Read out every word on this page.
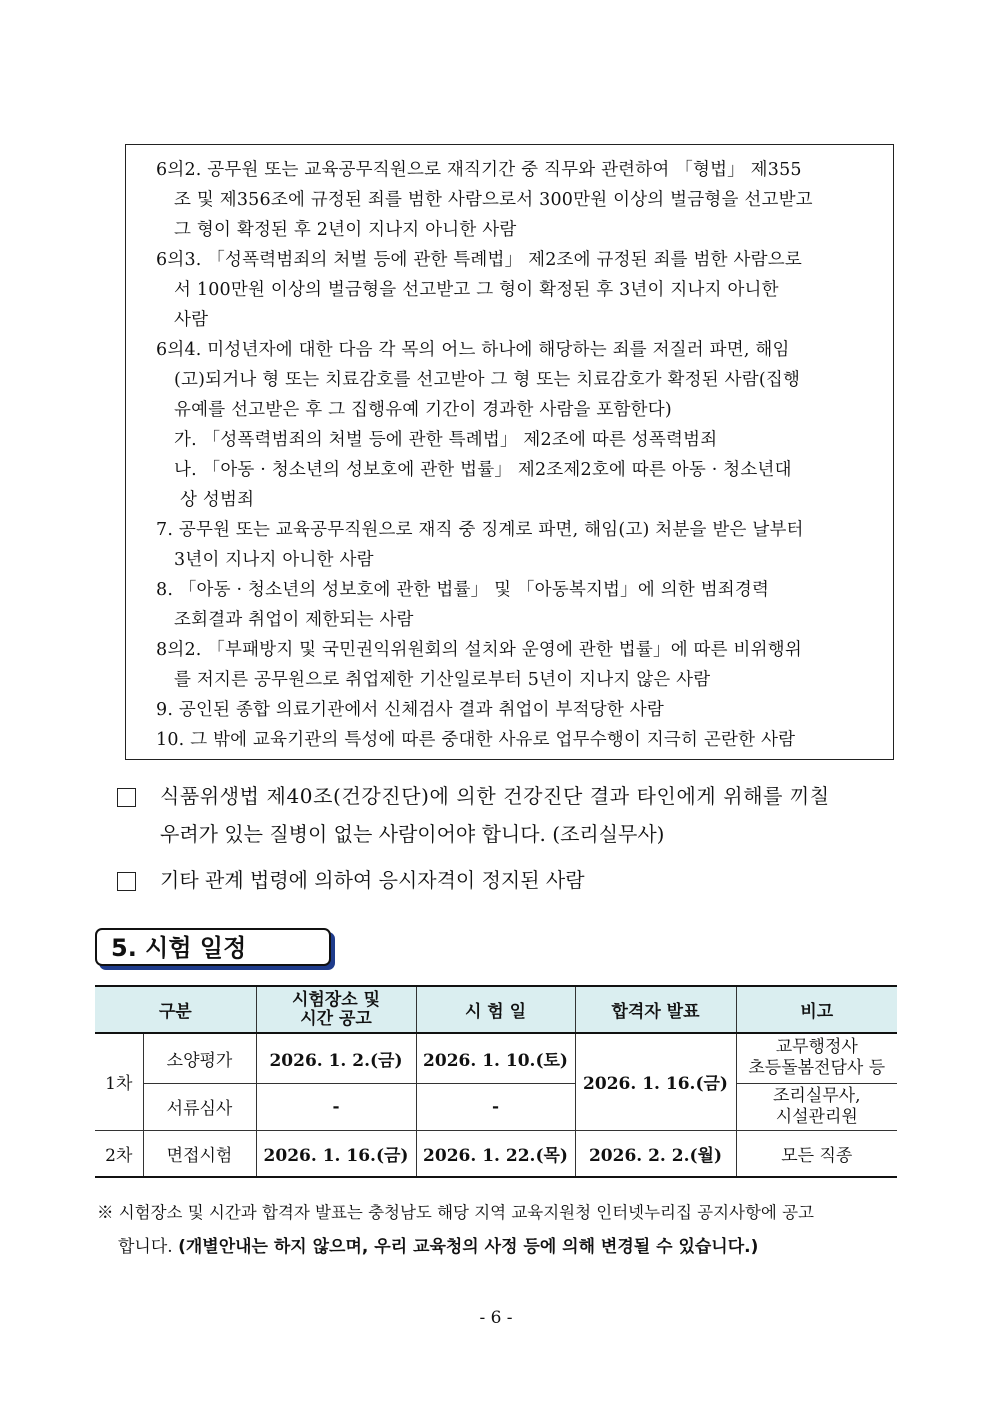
6의2. 공무원 또는 교육공무직원으로 재직기간 중 직무와 관련하여 「형법」 제355
조 및 제356조에 규정된 죄를 범한 사람으로서 300만원 이상의 벌금형을 선고받고
그 형이 확정된 후 2년이 지나지 아니한 사람
6의3. 「성폭력범죄의 처벌 등에 관한 특례법」 제2조에 규정된 죄를 범한 사람으로
서 100만원 이상의 벌금형을 선고받고 그 형이 확정된 후 3년이 지나지 아니한
사람
6의4. 미성년자에 대한 다음 각 목의 어느 하나에 해당하는 죄를 저질러 파면, 해임
(고)되거나 형 또는 치료감호를 선고받아 그 형 또는 치료감호가 확정된 사람(집행
유예를 선고받은 후 그 집행유예 기간이 경과한 사람을 포함한다)
가. 「성폭력범죄의 처벌 등에 관한 특례법」 제2조에 따른 성폭력범죄
나. 「아동 · 청소년의 성보호에 관한 법률」 제2조제2호에 따른 아동 · 청소년대
상 성범죄
7. 공무원 또는 교육공무직원으로 재직 중 징계로 파면, 해임(고) 처분을 받은 날부터
3년이 지나지 아니한 사람
8. 「아동 · 청소년의 성보호에 관한 법률」 및 「아동복지법」에 의한 범죄경력
조회결과 취업이 제한되는 사람
8의2. 「부패방지 및 국민권익위원회의 설치와 운영에 관한 법률」에 따른 비위행위
를 저지른 공무원으로 취업제한 기산일로부터 5년이 지나지 않은 사람
9. 공인된 종합 의료기관에서 신체검사 결과 취업이 부적당한 사람
10. 그 밖에 교육기관의 특성에 따른 중대한 사유로 업무수행이 지극히 곤란한 사람
식품위생법 제40조(건강진단)에 의한 건강진단 결과 타인에게 위해를 끼칠
우려가 있는 질병이 없는 사람이어야 합니다. (조리실무사)
기타 관계 법령에 의하여 응시자격이 정지된 사람
5. 시험 일정
구분		시험장소 및
시간 공고	시 험 일	합격자 발표	비고
1차	소양평가	2026. 1. 2.(금)	2026. 1. 10.(토)	2026. 1. 16.(금)	교무행정사
초등돌봄전담사 등

	서류심사	-	-		조리실무사,
시설관리원

2차	면접시험	2026. 1. 16.(금)	2026. 1. 22.(목)	2026. 2. 2.(월)	모든 직종
※ 시험장소 및 시간과 합격자 발표는 충청남도 해당 지역 교육지원청 인터넷누리집 공지사항에 공고
합니다. (개별안내는 하지 않으며, 우리 교육청의 사정 등에 의해 변경될 수 있습니다.)
- 6 -
